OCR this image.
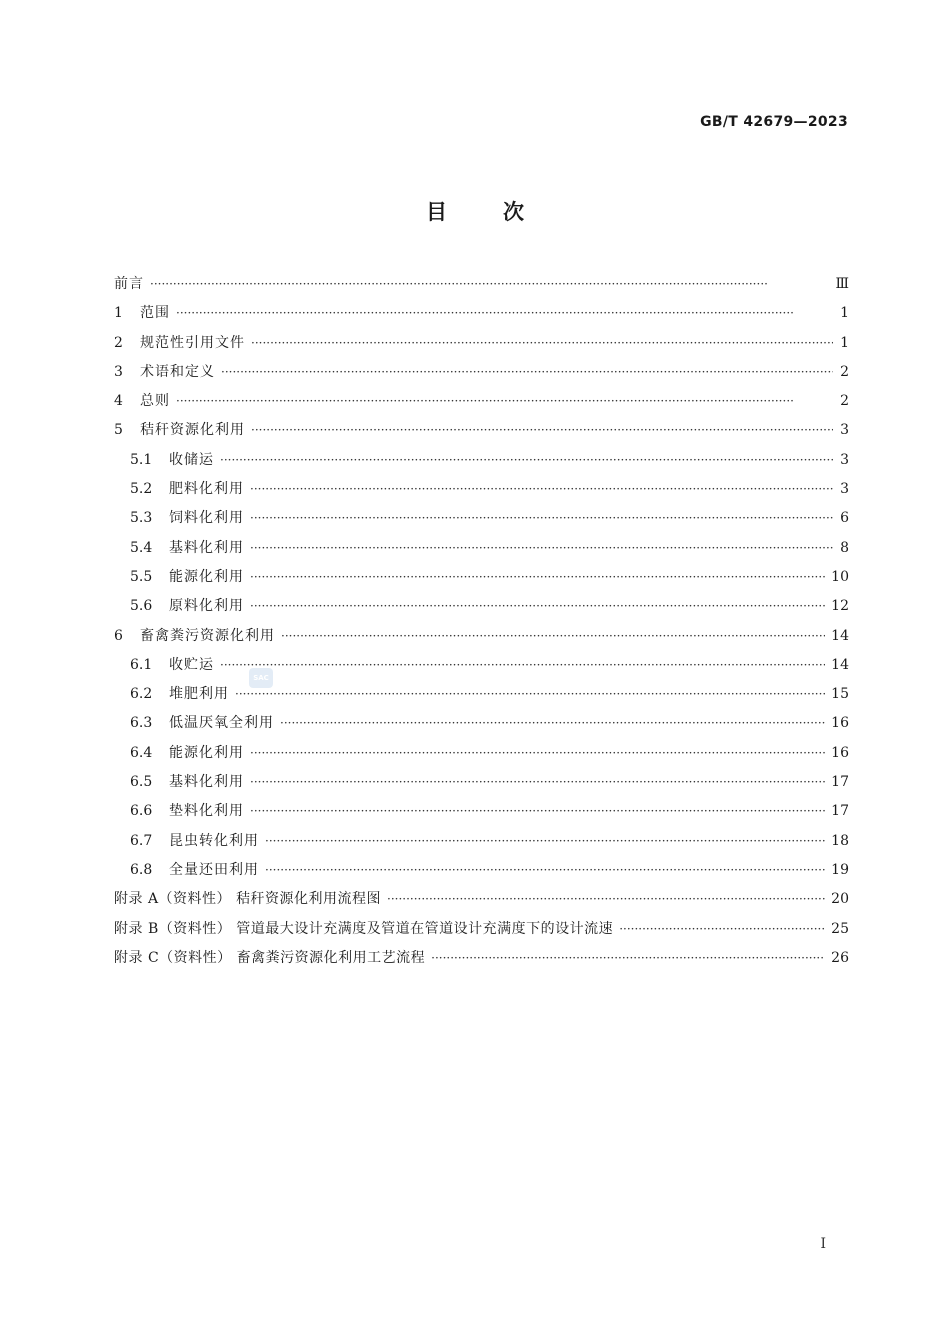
GB/T 42679—2023
目次
前言 ·····	Ⅲ
1	范围 ·····	1
2	规范性引用文件 ·····	1
3	术语和定义 ·····	2
4	总则 ·····	2
5	秸秆资源化利用 ·····	3
5.1	收储运 ·····	3
5.2	肥料化利用 ·····	3
5.3	饲料化利用 ·····	6
5.4	基料化利用 ·····	8
5.5	能源化利用 ·····	10
5.6	原料化利用 ·····	12
6	畜禽粪污资源化利用 ·····	14
6.1	收贮运 ·····	14
6.2	堆肥利用 ·····	15
6.3	低温厌氧全利用 ·····	16
6.4	能源化利用 ·····	16
6.5	基料化利用 ·····	17
6.6	垫料化利用 ·····	17
6.7	昆虫转化利用 ·····	18
6.8	全量还田利用 ·····	19
附录 A（资料性） 秸秆资源化利用流程图 ·····	20
附录 B（资料性） 管道最大设计充满度及管道在管道设计充满度下的设计流速 ·····	25
附录 C（资料性） 畜禽粪污资源化利用工艺流程 ·····	26
SAC
I
